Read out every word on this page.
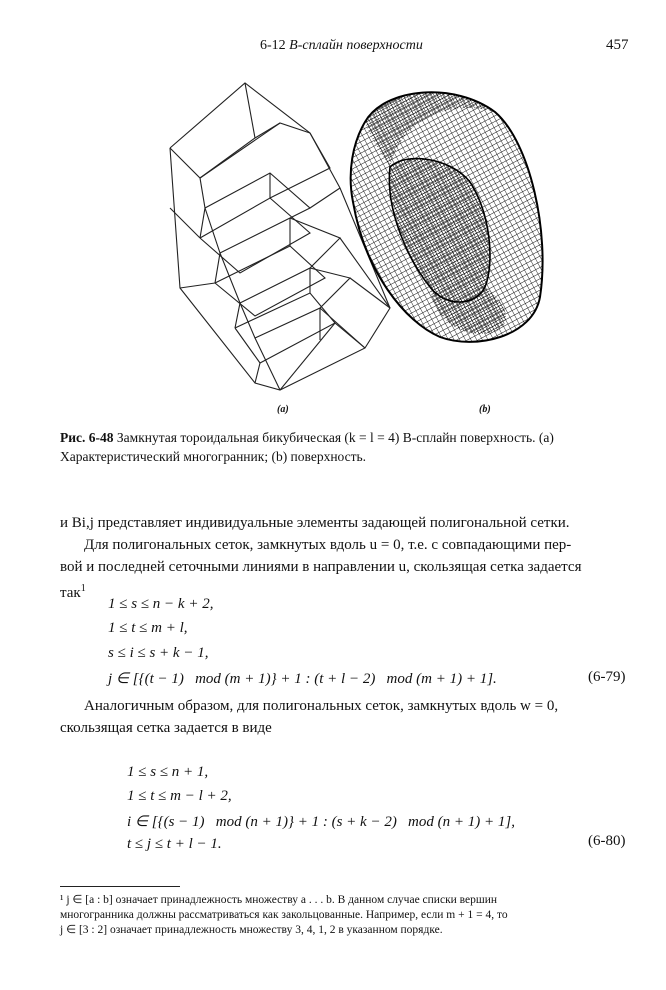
6-12 B-сплайн поверхности	457
(a)	(b)
Рис. 6-48 Замкнутая тороидальная бикубическая (k = l = 4) B-сплайн поверхность. (a) Характеристический многогранник; (b) поверхность.
и Bi,j представляет индивидуальные элементы задающей полигональной сетки.
Для полигональных сеток, замкнутых вдоль u = 0, т.е. с совпадающими пер-
вой и последней сеточными линиями в направлении u, скользящая сетка задается
так$^1$
1 ≤ s ≤ n − k + 2,
1 ≤ t ≤ m + l,
s ≤ i ≤ s + k − 1,
j ∈ [{(t − 1)   mod (m + 1)} + 1 : (t + l − 2)   mod (m + 1) + 1].	(6-79)
Аналогичным образом, для полигональных сеток, замкнутых вдоль w = 0,
скользящая сетка задается в виде
1 ≤ s ≤ n + 1,
1 ≤ t ≤ m − l + 2,
i ∈ [{(s − 1)   mod (n + 1)} + 1 : (s + k − 2)   mod (n + 1) + 1],
t ≤ j ≤ t + l − 1.	(6-80)
¹ j ∈ [a : b] означает принадлежность множеству a . . . b. В данном случае списки вершин
многогранника должны рассматриваться как закольцованные. Например, если m + 1 = 4, то
j ∈ [3 : 2] означает принадлежность множеству 3, 4, 1, 2 в указанном порядке.
